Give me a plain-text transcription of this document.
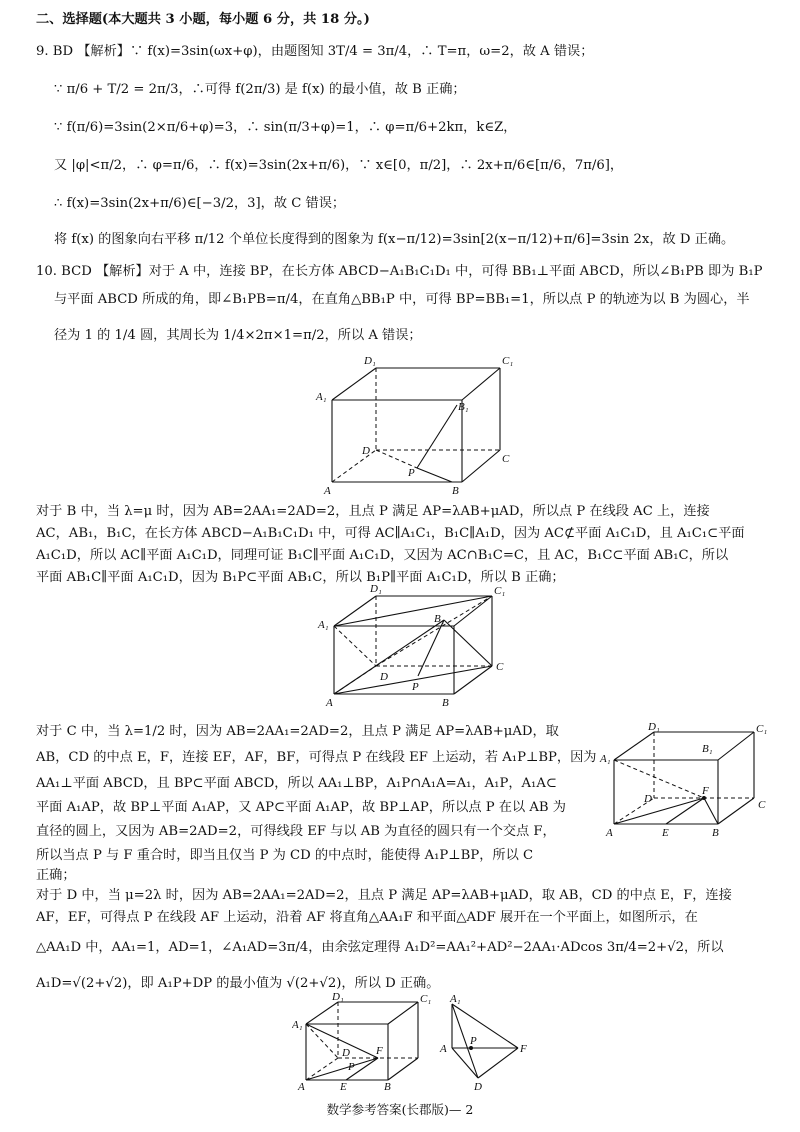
二、选择题(本大题共 3 小题，每小题 6 分，共 18 分。)
9. BD 【解析】∵ f(x)=3sin(ωx+φ)，由题图知 3T/4 = 3π/4，∴ T=π，ω=2，故 A 错误；
∵ π/6 + T/2 = 2π/3，∴可得 f(2π/3) 是 f(x) 的最小值，故 B 正确；
∵ f(π/6)=3sin(2×π/6+φ)=3，∴ sin(π/3+φ)=1，∴ φ=π/6+2kπ，k∈Z，
又 |φ|<π/2，∴ φ=π/6，∴ f(x)=3sin(2x+π/6)，∵ x∈[0，π/2]，∴ 2x+π/6∈[π/6，7π/6]，
∴ f(x)=3sin(2x+π/6)∈[−3/2，3]，故 C 错误；
将 f(x) 的图象向右平移 π/12 个单位长度得到的图象为 f(x−π/12)=3sin[2(x−π/12)+π/6]=3sin 2x，故 D 正确。
10. BCD 【解析】对于 A 中，连接 BP，在长方体 ABCD−A₁B₁C₁D₁ 中，可得 BB₁⊥平面 ABCD，所以∠B₁PB 即为 B₁P
与平面 ABCD 所成的角，即∠B₁PB=π/4，在直角△BB₁P 中，可得 BP=BB₁=1，所以点 P 的轨迹为以 B 为圆心，半
径为 1 的 1/4 圆，其周长为 1/4×2π×1=π/2，所以 A 错误；
D₁	C₁
A₁
B₁
D
C
P
A	B
对于 B 中，当 λ=μ 时，因为 AB=2AA₁=2AD=2，且点 P 满足 AP=λAB+μAD，所以点 P 在线段 AC 上，连接
AC，AB₁，B₁C，在长方体 ABCD−A₁B₁C₁D₁ 中，可得 AC∥A₁C₁，B₁C∥A₁D，因为 AC⊄平面 A₁C₁D，且 A₁C₁⊂平面
A₁C₁D，所以 AC∥平面 A₁C₁D，同理可证 B₁C∥平面 A₁C₁D，又因为 AC∩B₁C=C，且 AC，B₁C⊂平面 AB₁C，所以
平面 AB₁C∥平面 A₁C₁D，因为 B₁P⊂平面 AB₁C，所以 B₁P∥平面 A₁C₁D，所以 B 正确；
D₁	C₁
A₁	B₁
D
C
P
A	B
对于 C 中，当 λ=1/2 时，因为 AB=2AA₁=2AD=2，且点 P 满足 AP=λAB+μAD，取
AB，CD 的中点 E，F，连接 EF，AF，BF，可得点 P 在线段 EF 上运动，若 A₁P⊥BP，因为
AA₁⊥平面 ABCD，且 BP⊂平面 ABCD，所以 AA₁⊥BP，A₁P∩A₁A=A₁，A₁P，A₁A⊂
平面 A₁AP，故 BP⊥平面 A₁AP，又 AP⊂平面 A₁AP，故 BP⊥AP，所以点 P 在以 AB 为
直径的圆上，又因为 AB=2AD=2，可得线段 EF 与以 AB 为直径的圆只有一个交点 F，
所以当点 P 与 F 重合时，即当且仅当 P 为 CD 的中点时，能使得 A₁P⊥BP，所以 C
正确；
D₁	C₁
A₁
B₁
D
F
C
A	E	B
对于 D 中，当 μ=2λ 时，因为 AB=2AA₁=2AD=2，且点 P 满足 AP=λAB+μAD，取 AB，CD 的中点 E，F，连接
AF，EF，可得点 P 在线段 AF 上运动，沿着 AF 将直角△AA₁F 和平面△ADF 展开在一个平面上，如图所示，在
△AA₁D 中，AA₁=1，AD=1，∠A₁AD=3π/4，由余弦定理得 A₁D²=AA₁²+AD²−2AA₁·ADcos 3π/4=2+√2，所以
A₁D=√(2+√2)，即 A₁P+DP 的最小值为 √(2+√2)，所以 D 正确。
D₁	C₁
A₁
D F
P
A	E	B
A₁
A
P
F
D
数学参考答案(长郡版)— 2
